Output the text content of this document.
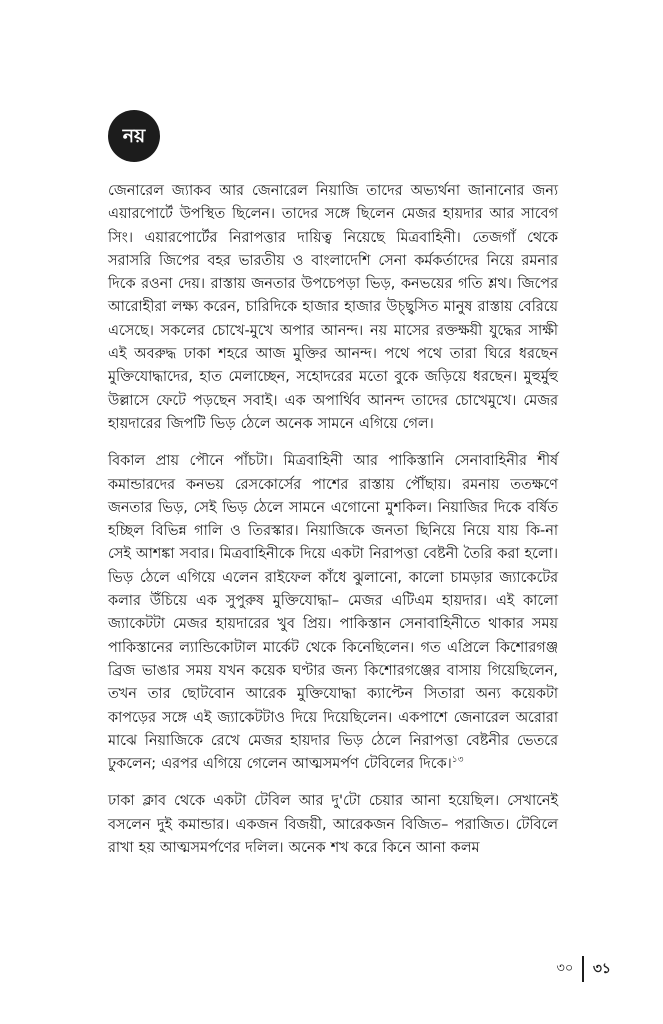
নয়

জেনারেল জ্যাকব আর জেনারেল নিয়াজি তাদের অভ্যর্থনা জানানোর জন্য এয়ারপোর্টে উপস্থিত ছিলেন। তাদের সঙ্গে ছিলেন মেজর হায়দার আর সাবেগ সিং। এয়ারপোর্টের নিরাপত্তার দায়িত্ব নিয়েছে মিত্রবাহিনী। তেজগাঁ থেকে সরাসরি জিপের বহর ভারতীয় ও বাংলাদেশি সেনা কর্মকর্তাদের নিয়ে রমনার দিকে রওনা দেয়। রাস্তায় জনতার উপচেপড়া ভিড়, কনভয়ের গতি শ্লথ। জিপের আরোহীরা লক্ষ্য করেন, চারিদিকে হাজার হাজার উচ্ছ্বসিত মানুষ রাস্তায় বেরিয়ে এসেছে। সকলের চোখে-মুখে অপার আনন্দ। নয় মাসের রক্তক্ষয়ী যুদ্ধের সাক্ষী এই অবরুদ্ধ ঢাকা শহরে আজ মুক্তির আনন্দ। পথে পথে তারা ঘিরে ধরছেন মুক্তিযোদ্ধাদের, হাত মেলাচ্ছেন, সহোদরের মতো বুকে জড়িয়ে ধরছেন। মুহুর্মুহু উল্লাসে ফেটে পড়ছেন সবাই। এক অপার্থিব আনন্দ তাদের চোখেমুখে। মেজর হায়দারের জিপটি ভিড় ঠেলে অনেক সামনে এগিয়ে গেল।

বিকাল প্রায় পৌনে পাঁচটা। মিত্রবাহিনী আর পাকিস্তানি সেনাবাহিনীর শীর্ষ কমান্ডারদের কনভয় রেসকোর্সের পাশের রাস্তায় পৌঁছায়। রমনায় ততক্ষণে জনতার ভিড়, সেই ভিড় ঠেলে সামনে এগোনো মুশকিল। নিয়াজির দিকে বর্ষিত হচ্ছিল বিভিন্ন গালি ও তিরস্কার। নিয়াজিকে জনতা ছিনিয়ে নিয়ে যায় কি-না সেই আশঙ্কা সবার। মিত্রবাহিনীকে দিয়ে একটা নিরাপত্তা বেষ্টনী তৈরি করা হলো। ভিড় ঠেলে এগিয়ে এলেন রাইফেল কাঁধে ঝুলানো, কালো চামড়ার জ্যাকেটের কলার উঁচিয়ে এক সুপুরুষ মুক্তিযোদ্ধা– মেজর এটিএম হায়দার। এই কালো জ্যাকেটটা মেজর হায়দারের খুব প্রিয়। পাকিস্তান সেনাবাহিনীতে থাকার সময় পাকিস্তানের ল্যান্ডিকোটাল মার্কেট থেকে কিনেছিলেন। গত এপ্রিলে কিশোরগঞ্জ ব্রিজ ভাঙার সময় যখন কয়েক ঘণ্টার জন্য কিশোরগঞ্জের বাসায় গিয়েছিলেন, তখন তার ছোটবোন আরেক মুক্তিযোদ্ধা ক্যাপ্টেন সিতারা অন্য কয়েকটা কাপড়ের সঙ্গে এই জ্যাকেটটাও দিয়ে দিয়েছিলেন। একপাশে জেনারেল অরোরা মাঝে নিয়াজিকে রেখে মেজর হায়দার ভিড় ঠেলে নিরাপত্তা বেষ্টনীর ভেতরে ঢুকলেন; এরপর এগিয়ে গেলেন আত্মসমর্পণ টেবিলের দিকে।$^{১৩}$

ঢাকা ক্লাব থেকে একটা টেবিল আর দু'টো চেয়ার আনা হয়েছিল। সেখানেই বসলেন দুই কমান্ডার। একজন বিজয়ী, আরেকজন বিজিত– পরাজিত। টেবিলে রাখা হয় আত্মসমর্পণের দলিল। অনেক শখ করে কিনে আনা কলম

৩০	৩১
